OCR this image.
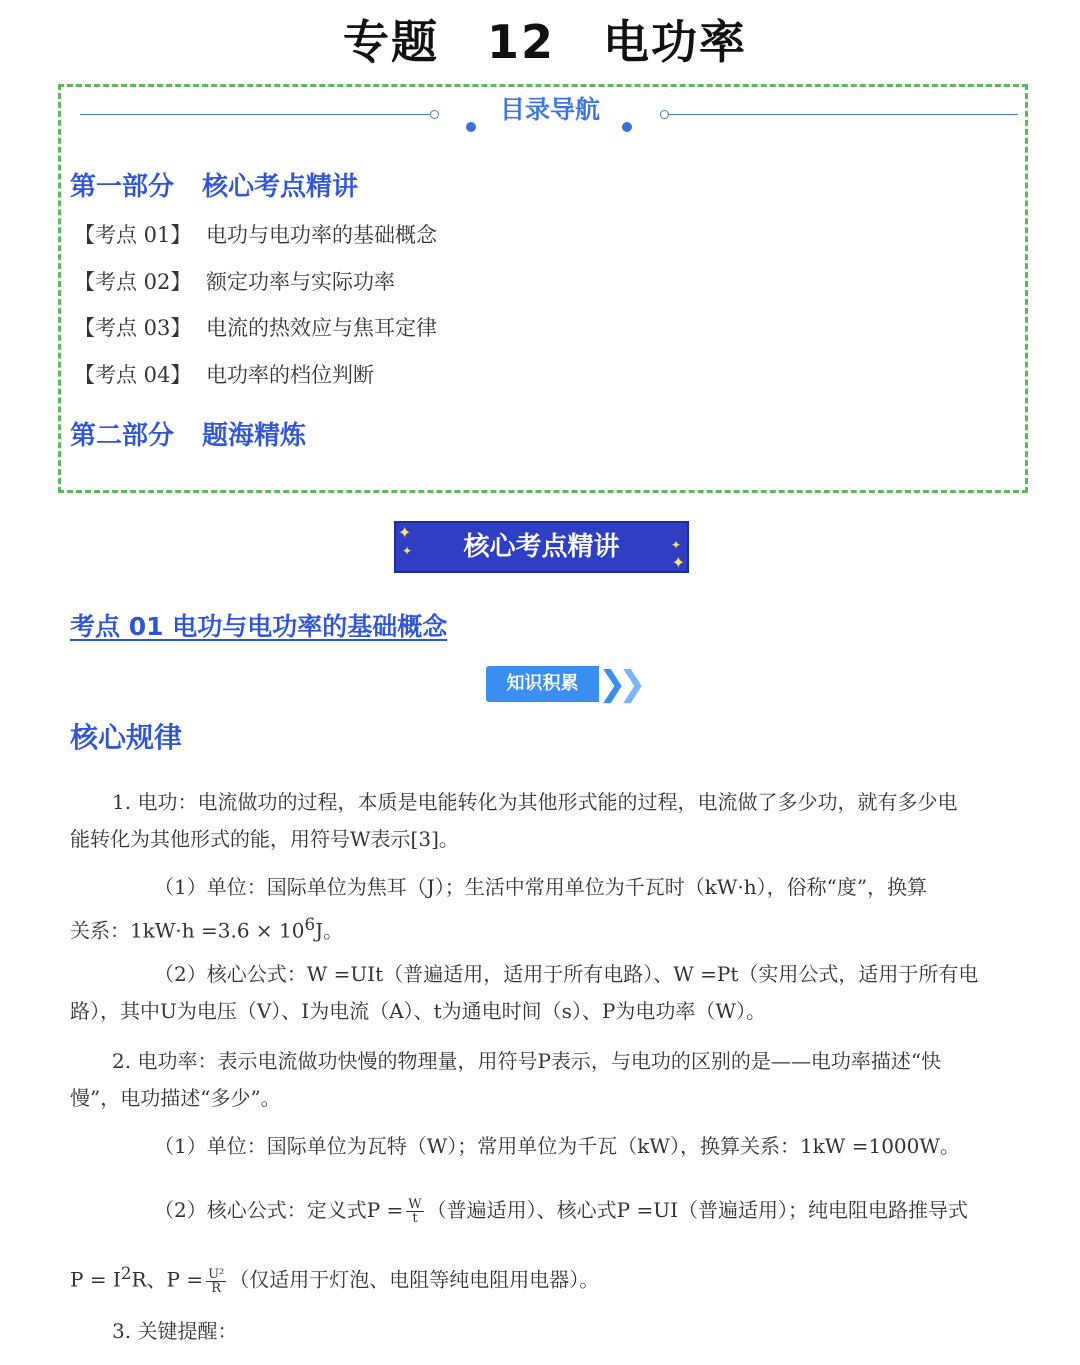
专题 12 电功率
目录导航
第一部分 核心考点精讲
【考点 01】 电功与电功率的基础概念
【考点 02】 额定功率与实际功率
【考点 03】 电流的热效应与焦耳定律
【考点 04】 电功率的档位判断
第二部分 题海精炼
✦
✦ 核心考点精讲	✦
✦
考点 01 电功与电功率的基础概念
知识积累 ❯
❯
核心规律
1. 电功：电流做功的过程，本质是电能转化为其他形式能的过程，电流做了多少功，就有多少电
能转化为其他形式的能，用符号W表示[3]。
（1）单位：国际单位为焦耳（J）；生活中常用单位为千瓦时（kW·h），俗称“度”，换算
关系：$1kW\cdot h =3.6 \times 10^6J$。
（2）核心公式：W =UIt（普遍适用，适用于所有电路）、W =Pt（实用公式，适用于所有电
路），其中U为电压（V）、I为电流（A）、t为通电时间（s）、P为电功率（W）。
2. 电功率：表示电流做功快慢的物理量，用符号P表示，与电功的区别的是——电功率描述“快
慢”，电功描述“多少”。
（1）单位：国际单位为瓦特（W）；常用单位为千瓦（kW），换算关系：1kW =1000W。
（2）核心公式：定义式$P = \frac{W}{t}$ （普遍适用）、核心式P =UI（普遍适用）；纯电阻电路推导式
$P = I^2R$、$P = \frac{\text{U²}}{R}$ （仅适用于灯泡、电阻等纯电阻用电器）。
3. 关键提醒：
